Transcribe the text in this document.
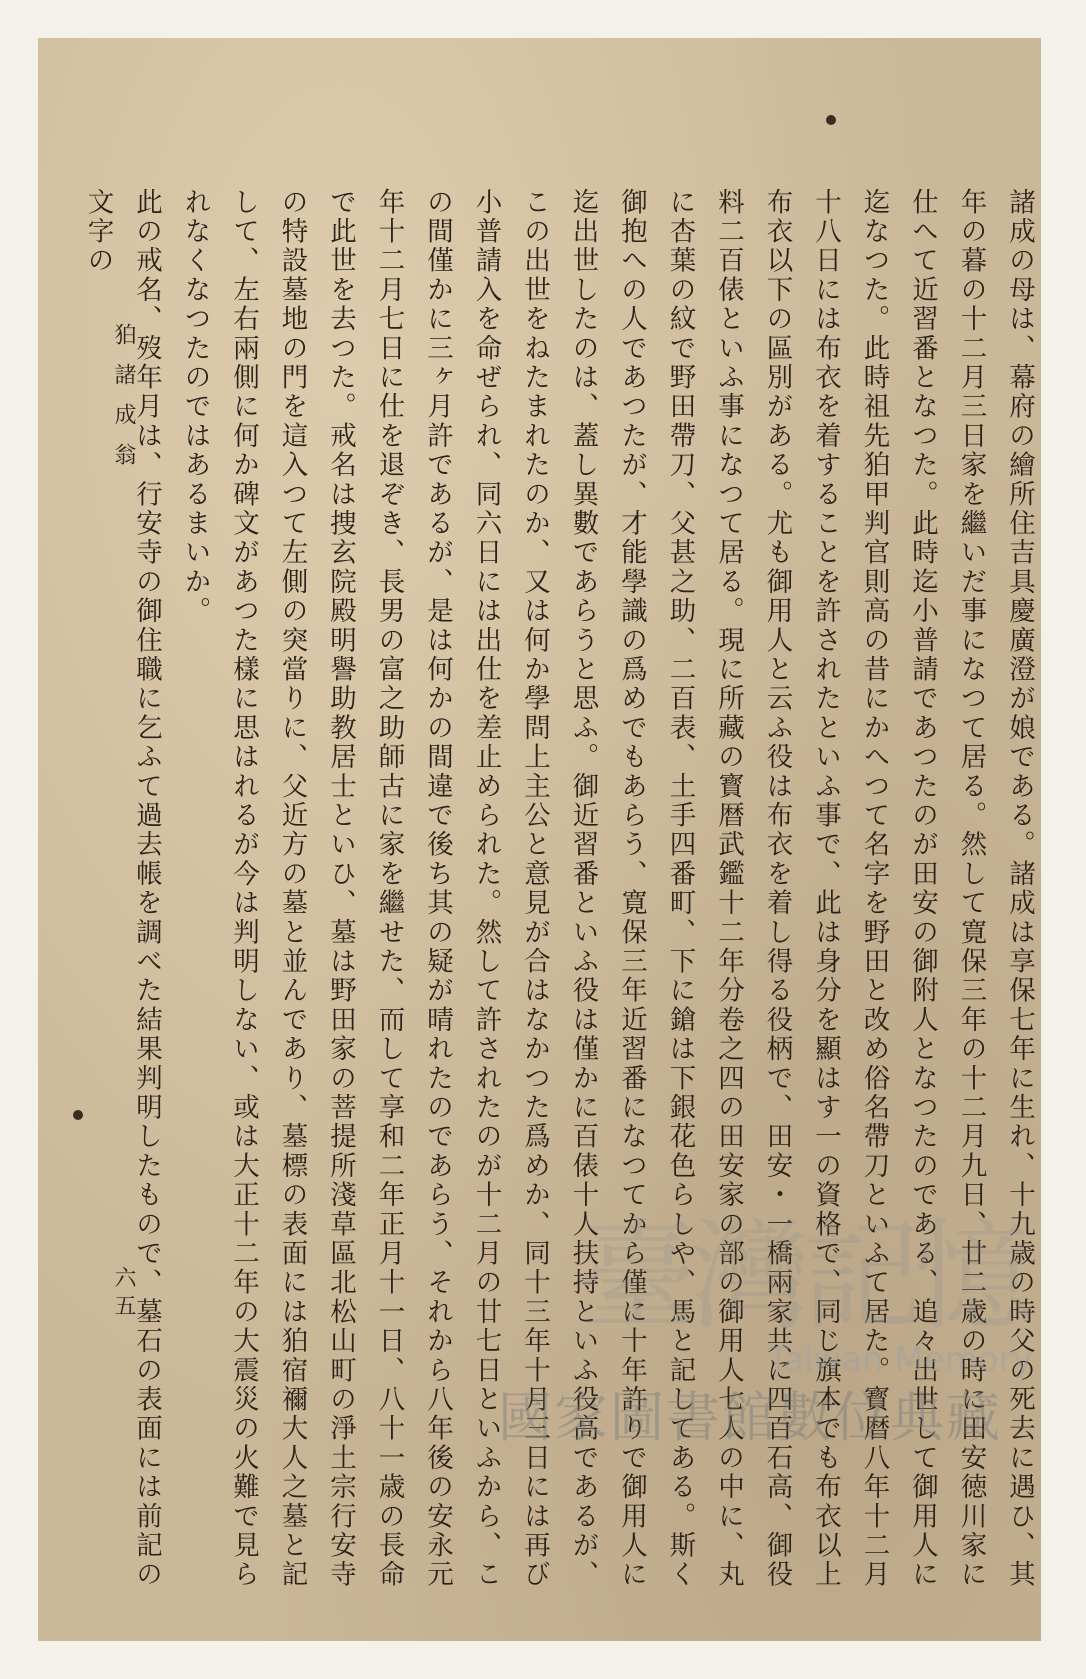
諸成の母は、幕府の繪所住吉具慶廣澄が娘である。諸成は享保七年に生れ、十九歳の時父の死去に遇ひ、其年の暮の十二月三日家を繼いだ事になつて居る。然して寛保三年の十二月九日、廿二歳の時に田安徳川家に仕へて近習番となつた。此時迄小普請であつたのが田安の御附人となつたのである、追々出世して御用人に迄なつた。此時祖先狛甲判官則高の昔にかへつて名字を野田と改め俗名帶刀といふて居た。寳暦八年十二月十八日には布衣を着することを許されたといふ事で、此は身分を顯はす一の資格で、同じ旗本でも布衣以上布衣以下の區別がある。尤も御用人と云ふ役は布衣を着し得る役柄で、田安・一橋兩家共に四百石高、御役料二百俵といふ事になつて居る。現に所藏の寳暦武鑑十二年分卷之四の田安家の部の御用人七人の中に、丸に杏葉の紋で野田帶刀、父甚之助、二百表、土手四番町、下に鎗は下銀花色らしや、馬と記してある。斯く御抱への人であつたが、才能學識の爲めでもあらう、寛保三年近習番になつてから僅に十年許りで御用人に迄出世したのは、蓋し異數であらうと思ふ。御近習番といふ役は僅かに百俵十人扶持といふ役高であるが、この出世をねたまれたのか、又は何か學問上主公と意見が合はなかつた爲めか、同十三年十月三日には再び小普請入を命ぜられ、同六日には出仕を差止められた。然して許されたのが十二月の廿七日といふから、この間僅かに三ヶ月許であるが、是は何かの間違で後ち其の疑が晴れたのであらう、それから八年後の安永元年十二月七日に仕を退ぞき、長男の富之助師古に家を繼せた、而して享和二年正月十一日、八十一歳の長命で此世を去つた。戒名は捜玄院殿明譽助教居士といひ、墓は野田家の菩提所淺草區北松山町の淨土宗行安寺の特設墓地の門を這入つて左側の突當りに、父近方の墓と並んであり、墓標の表面には狛宿禰大人之墓と記して、左右兩側に何か碑文があつた樣に思はれるが今は判明しない、或は大正十二年の大震災の火難で見られなくなつたのではあるまいか。

此の戒名、歿年月は、行安寺の御住職に乞ふて過去帳を調べた結果判明したもので、墓石の表面には前記の文字の

狛諸成翁
六五	臺灣記憶
Taiwan Memory
國家圖書館數位典藏
